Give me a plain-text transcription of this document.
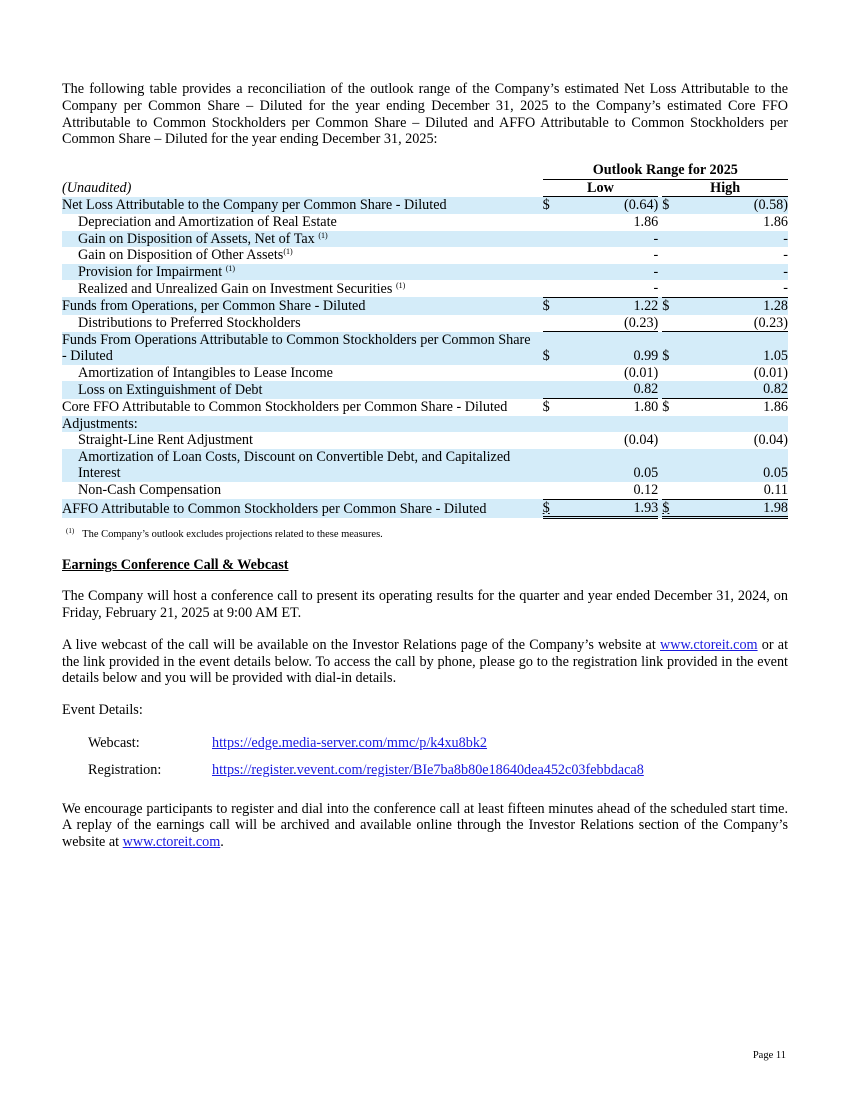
The following table provides a reconciliation of the outlook range of the Company’s estimated Net Loss Attributable to the Company per Common Share – Diluted for the year ending December 31, 2025 to the Company’s estimated Core FFO Attributable to Common Stockholders per Common Share – Diluted and AFFO Attributable to Common Stockholders per Common Share – Diluted for the year ending December 31, 2025:

		Outlook Range for 2025				
(Unaudited)		Low			High	
Net Loss Attributable to the Company per Common Share - Diluted		$	(0.64)		$	(0.58)
Depreciation and Amortization of Real Estate			1.86			1.86
Gain on Disposition of Assets, Net of Tax $^{(1)}$			-			-
Gain on Disposition of Other Assets$^{(1)}$			-			-
Provision for Impairment $^{(1)}$			-			-
Realized and Unrealized Gain on Investment Securities $^{(1)}$			-			-
Funds from Operations, per Common Share - Diluted		$	1.22		$	1.28
Distributions to Preferred Stockholders			(0.23)			(0.23)
Funds From Operations Attributable to Common Stockholders per Common Share - Diluted		$	0.99		$	1.05
Amortization of Intangibles to Lease Income			(0.01)			(0.01)
Loss on Extinguishment of Debt			0.82			0.82
Core FFO Attributable to Common Stockholders per Common Share - Diluted		$	1.80		$	1.86
Adjustments:						
Straight-Line Rent Adjustment			(0.04)			(0.04)
Amortization of Loan Costs, Discount on Convertible Debt, and Capitalized Interest			0.05			0.05
Non-Cash Compensation			0.12			0.11
AFFO Attributable to Common Stockholders per Common Share - Diluted		$	1.93		$	1.98
$^{(1)}$ The Company’s outlook excludes projections related to these measures.
Earnings Conference Call & Webcast

The Company will host a conference call to present its operating results for the quarter and year ended December 31, 2024, on Friday, February 21, 2025 at 9:00 AM ET.

A live webcast of the call will be available on the Investor Relations page of the Company’s website at www.ctoreit.com or at the link provided in the event details below. To access the call by phone, please go to the registration link provided in the event details below and you will be provided with dial-in details.

Event Details:

Webcast:	https://edge.media-server.com/mmc/p/k4xu8bk2
Registration:	https://register.vevent.com/register/BIe7ba8b80e18640dea452c03febbdaca8

We encourage participants to register and dial into the conference call at least fifteen minutes ahead of the scheduled start time. A replay of the earnings call will be archived and available online through the Investor Relations section of the Company’s website at www.ctoreit.com.

Page 11
